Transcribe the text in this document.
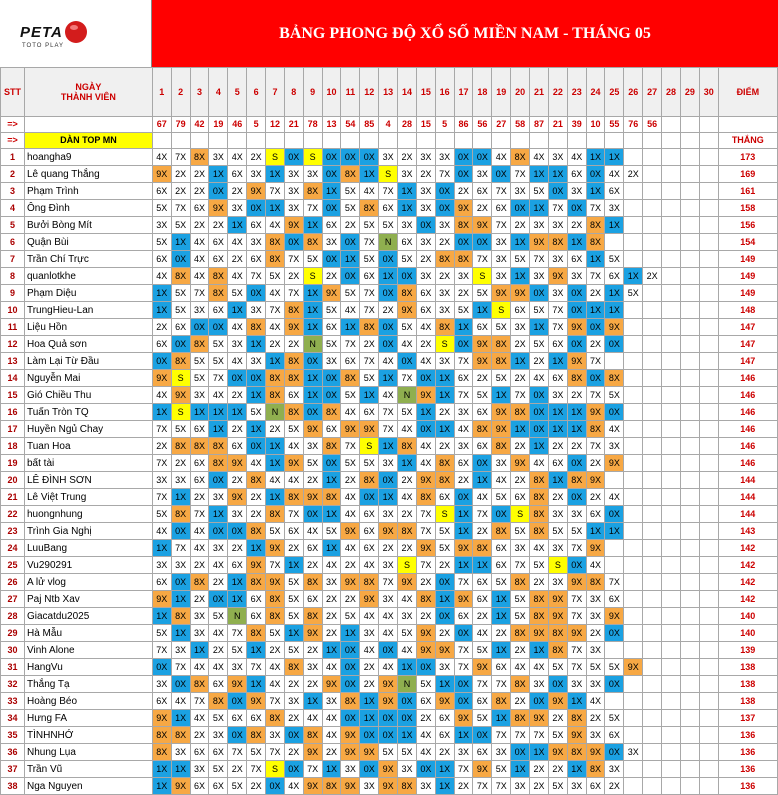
PETA
TOTO PLAY
BẢNG PHONG ĐỘ XỔ SỐ MIỀN NAM - THÁNG 05
STT	NGÀY
THÀNH VIÊN	1	2	3	4	5	6	7	8	9	10	11	12	13	14	15	16	17	18	19	20	21	22	23	24	25	26	27	28	29	30	ĐIỂM
=>		67	79	42	19	46	5	12	21	78	13	54	85	4	28	15	5	86	56	27	58	87	21	39	10	55	76	56				
=>	DÀN TOP MN																															THẮNG
1	hoangha9	4X	7X	8X	3X	4X	2X	S	0X	S	0X	0X	0X	3X	2X	3X	3X	0X	0X	4X	8X	4X	3X	4X	1X	1X						173
2	Lê quang Thắng	9X	2X	2X	1X	6X	3X	1X	3X	3X	0X	8X	1X	S	3X	2X	7X	0X	3X	0X	7X	1X	1X	6X	0X	4X	2X					169
3	Phạm Trình	6X	2X	2X	0X	2X	9X	7X	3X	8X	1X	5X	4X	7X	1X	3X	0X	2X	6X	7X	3X	5X	0X	3X	1X	6X						161
4	Ông Đình	5X	7X	6X	9X	3X	0X	1X	3X	7X	0X	5X	8X	6X	1X	3X	0X	9X	2X	6X	0X	1X	7X	0X	7X	3X						158
5	Bưởi Bòng Mít	3X	5X	2X	2X	1X	6X	4X	9X	1X	6X	2X	5X	5X	3X	0X	3X	8X	9X	7X	2X	3X	3X	2X	8X	1X						156
6	Quận Bùi	5X	1X	4X	6X	4X	3X	8X	0X	8X	3X	0X	7X	N	6X	3X	2X	0X	0X	3X	1X	9X	8X	1X	8X							154
7	Trần Chí Trực	6X	0X	4X	6X	2X	6X	8X	7X	5X	0X	1X	5X	0X	5X	2X	8X	8X	7X	3X	5X	7X	3X	6X	1X	5X						149
8	quanlotkhe	4X	8X	4X	8X	4X	7X	5X	2X	S	2X	0X	6X	1X	0X	3X	2X	3X	S	3X	1X	3X	9X	3X	7X	6X	1X	2X				149
9	Phạm Diệu	1X	5X	7X	8X	5X	0X	4X	7X	1X	9X	5X	7X	0X	8X	6X	3X	2X	5X	9X	9X	0X	3X	0X	2X	1X	5X					149
10	TrungHieu-Lan	1X	5X	3X	6X	1X	3X	7X	8X	1X	5X	4X	7X	2X	9X	6X	3X	5X	1X	S	6X	5X	7X	0X	1X	1X						148
11	Liệu Hồn	2X	6X	0X	0X	4X	8X	4X	9X	1X	6X	1X	8X	0X	5X	4X	8X	1X	6X	5X	3X	1X	7X	9X	0X	9X						147
12	Hoa Quả sơn	6X	0X	8X	5X	3X	1X	2X	2X	N	5X	7X	2X	0X	4X	2X	S	0X	9X	8X	2X	5X	6X	0X	2X	0X						147
13	Làm Lại Từ Đầu	0X	8X	5X	5X	4X	3X	1X	8X	0X	3X	6X	7X	4X	0X	4X	3X	7X	9X	8X	1X	2X	1X	9X	7X							147
14	Nguyễn Mai	9X	S	5X	7X	0X	0X	8X	8X	1X	0X	8X	5X	1X	7X	0X	1X	6X	2X	5X	2X	4X	6X	8X	0X	8X						146
15	Gió Chiều Thu	4X	9X	3X	4X	2X	1X	8X	6X	1X	0X	5X	1X	4X	N	9X	1X	7X	5X	1X	7X	0X	3X	2X	7X	5X						146
16	Tuấn Tròn TQ	1X	S	1X	1X	1X	5X	N	8X	0X	8X	4X	6X	7X	5X	1X	2X	3X	6X	9X	8X	0X	1X	1X	9X	0X						146
17	Huyền Ngủ Chay	7X	5X	6X	1X	2X	1X	2X	5X	9X	6X	9X	9X	7X	4X	0X	1X	4X	8X	9X	1X	0X	1X	1X	8X	4X						146
18	Tuan Hoa	2X	8X	8X	8X	6X	0X	1X	4X	3X	8X	7X	S	1X	8X	4X	2X	3X	6X	8X	2X	1X	2X	2X	7X	3X						146
19	bất tài	7X	2X	6X	8X	9X	4X	1X	9X	5X	0X	5X	5X	3X	1X	4X	8X	6X	0X	3X	9X	4X	6X	0X	2X	9X						146
20	LÊ ĐÌNH SƠN	3X	3X	6X	0X	2X	8X	4X	4X	2X	1X	2X	8X	0X	2X	9X	8X	2X	1X	4X	2X	8X	1X	8X	9X							144
21	Lê Việt Trung	7X	1X	2X	3X	9X	2X	1X	8X	9X	8X	4X	0X	1X	4X	8X	6X	0X	4X	5X	6X	8X	2X	0X	2X	4X						144
22	huongnhung	5X	8X	7X	1X	3X	2X	8X	7X	0X	1X	4X	6X	3X	2X	7X	S	1X	7X	0X	S	8X	3X	3X	6X	0X						144
23	Trình Gia Nghị	4X	0X	4X	0X	0X	8X	5X	6X	4X	5X	9X	6X	9X	8X	7X	5X	1X	2X	8X	5X	8X	5X	5X	1X	1X						143
24	LuuBang	1X	7X	4X	3X	2X	1X	9X	2X	6X	1X	4X	6X	2X	2X	9X	5X	9X	8X	6X	3X	4X	3X	7X	9X							142
25	Vu290291	3X	3X	2X	4X	6X	9X	7X	1X	2X	4X	2X	4X	3X	S	7X	2X	1X	1X	6X	7X	5X	S	0X	4X							142
26	A lử vlog	6X	0X	8X	2X	1X	8X	9X	5X	8X	3X	9X	8X	7X	9X	2X	0X	7X	6X	5X	8X	2X	3X	9X	8X	7X						142
27	Paj Ntb Xav	9X	1X	2X	0X	1X	6X	8X	5X	6X	2X	2X	9X	3X	4X	8X	1X	9X	6X	1X	5X	8X	9X	7X	3X	6X						142
28	Giacatdu2025	1X	8X	3X	5X	N	6X	8X	5X	8X	2X	5X	4X	4X	3X	2X	0X	6X	2X	1X	5X	8X	9X	7X	3X	9X						140
29	Hà Mẫu	5X	1X	3X	4X	7X	8X	5X	1X	9X	2X	1X	3X	4X	5X	9X	2X	0X	4X	2X	8X	9X	8X	9X	2X	0X						140
30	Vinh Alone	7X	3X	1X	2X	5X	1X	2X	5X	2X	1X	0X	4X	0X	4X	9X	9X	7X	5X	1X	2X	1X	8X	7X	3X							139
31	HangVu	0X	7X	4X	4X	3X	7X	4X	8X	3X	4X	0X	2X	4X	1X	0X	3X	7X	9X	6X	4X	4X	5X	7X	5X	5X	9X					138
32	Thắng Tạ	3X	0X	8X	6X	9X	1X	4X	2X	2X	9X	0X	2X	9X	N	5X	1X	0X	7X	7X	8X	3X	0X	3X	3X	0X						138
33	Hoàng Béo	6X	4X	7X	8X	0X	9X	7X	3X	1X	3X	8X	1X	9X	0X	6X	9X	0X	6X	8X	2X	0X	9X	1X	4X							138
34	Hưng FA	9X	1X	4X	5X	6X	6X	8X	2X	4X	4X	0X	1X	0X	0X	2X	6X	9X	5X	1X	8X	9X	2X	8X	2X	5X						137
35	TÌNHNHỚ	8X	8X	2X	3X	0X	8X	3X	0X	8X	4X	9X	0X	0X	1X	4X	6X	1X	0X	7X	7X	7X	5X	9X	3X	6X						136
36	Nhung Lụa	8X	3X	6X	6X	7X	5X	7X	2X	9X	2X	9X	9X	5X	5X	4X	2X	3X	6X	3X	0X	1X	9X	8X	9X	0X	3X					136
37	Trần Vũ	1X	1X	3X	5X	2X	7X	S	0X	7X	1X	3X	0X	9X	3X	0X	1X	7X	9X	5X	1X	2X	2X	1X	8X	3X						136
38	Nga Nguyen	1X	9X	6X	6X	5X	2X	0X	4X	9X	8X	9X	3X	9X	8X	3X	1X	2X	7X	7X	3X	2X	5X	3X	6X	2X						136
